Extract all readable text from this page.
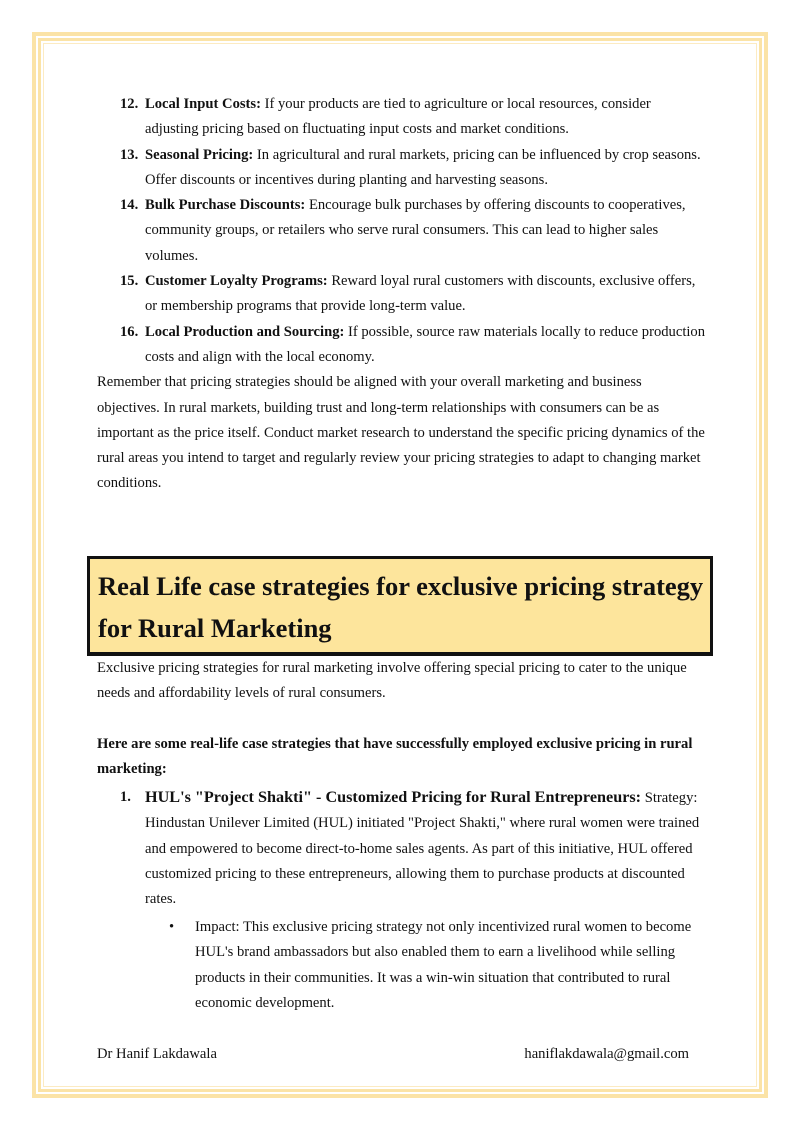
12. Local Input Costs: If your products are tied to agriculture or local resources, consider adjusting pricing based on fluctuating input costs and market conditions.
13. Seasonal Pricing: In agricultural and rural markets, pricing can be influenced by crop seasons. Offer discounts or incentives during planting and harvesting seasons.
14. Bulk Purchase Discounts: Encourage bulk purchases by offering discounts to cooperatives, community groups, or retailers who serve rural consumers. This can lead to higher sales volumes.
15. Customer Loyalty Programs: Reward loyal rural customers with discounts, exclusive offers, or membership programs that provide long-term value.
16. Local Production and Sourcing: If possible, source raw materials locally to reduce production costs and align with the local economy.

Remember that pricing strategies should be aligned with your overall marketing and business objectives. In rural markets, building trust and long-term relationships with consumers can be as important as the price itself. Conduct market research to understand the specific pricing dynamics of the rural areas you intend to target and regularly review your pricing strategies to adapt to changing market conditions.

Real Life case strategies for exclusive pricing strategy for Rural Marketing

Exclusive pricing strategies for rural marketing involve offering special pricing to cater to the unique needs and affordability levels of rural consumers.

Here are some real-life case strategies that have successfully employed exclusive pricing in rural marketing:

1. HUL's "Project Shakti" - Customized Pricing for Rural Entrepreneurs: Strategy: Hindustan Unilever Limited (HUL) initiated "Project Shakti," where rural women were trained and empowered to become direct-to-home sales agents. As part of this initiative, HUL offered customized pricing to these entrepreneurs, allowing them to purchase products at discounted rates.
• Impact: This exclusive pricing strategy not only incentivized rural women to become HUL's brand ambassadors but also enabled them to earn a livelihood while selling products in their communities. It was a win-win situation that contributed to rural economic development.
Dr Hanif Lakdawala	haniflakdawala@gmail.com
